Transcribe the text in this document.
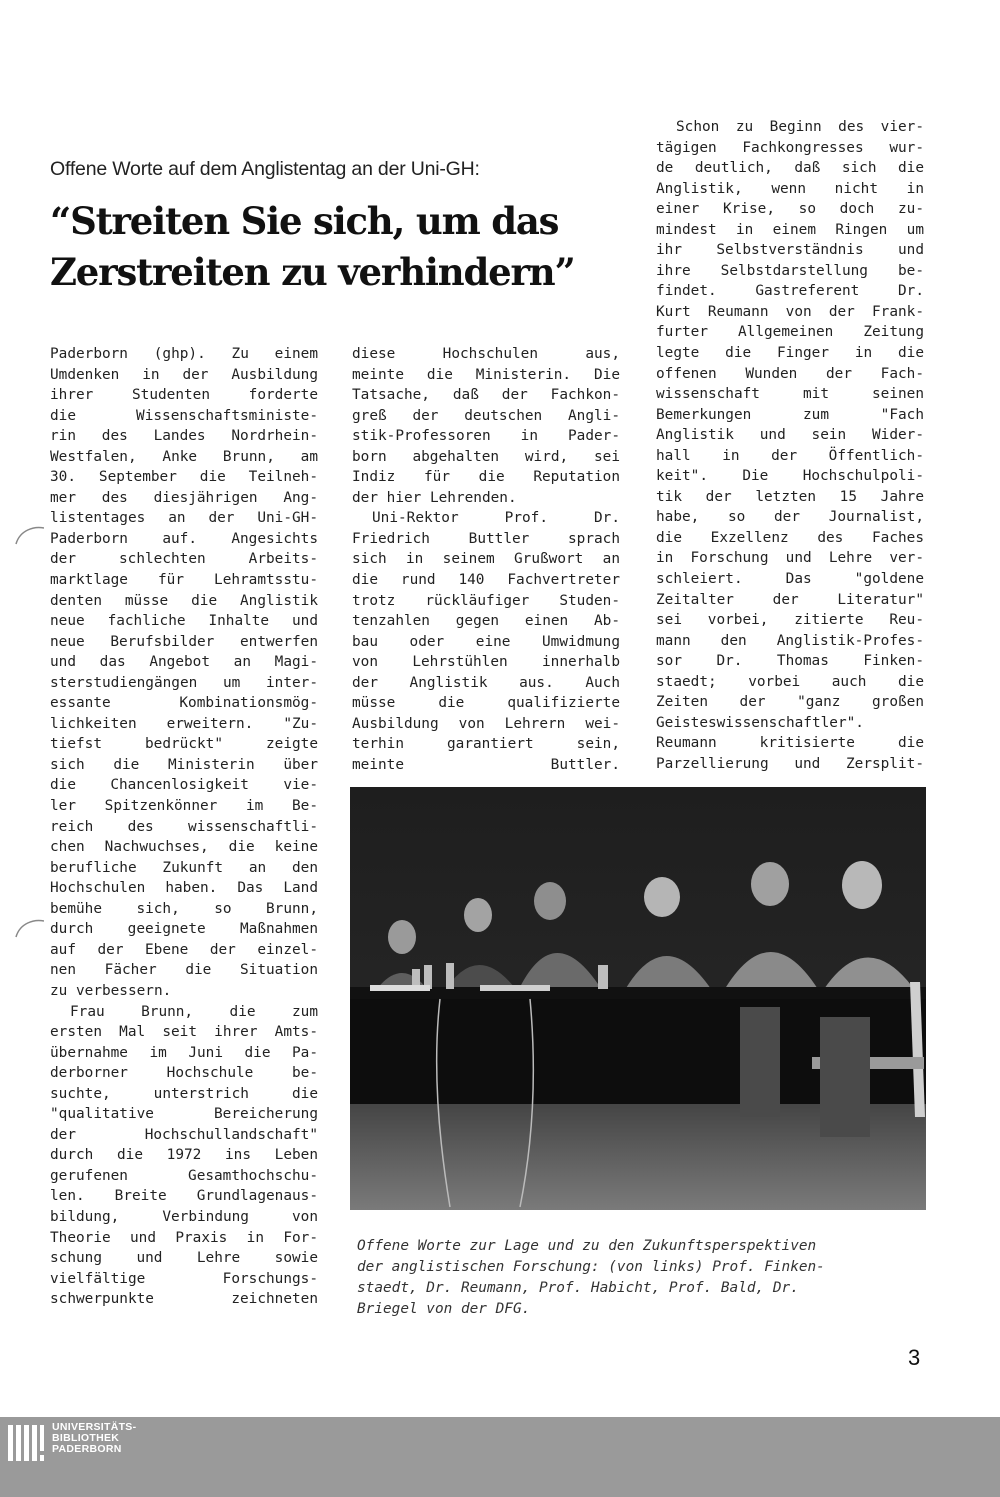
Offene Worte auf dem Anglistentag an der Uni-GH:
“Streiten Sie sich, um das
Zerstreiten zu verhindern”
Paderborn (ghp). Zu einem
Umdenken in der Ausbildung
ihrer Studenten forderte
die Wissenschaftsministe-
rin des Landes Nordrhein-
Westfalen, Anke Brunn, am
30. September die Teilneh-
mer des diesjährigen Ang-
listentages an der Uni-GH-
Paderborn auf. Angesichts
der schlechten Arbeits-
marktlage für Lehramtsstu-
denten müsse die Anglistik
neue fachliche Inhalte und
neue Berufsbilder entwerfen
und das Angebot an Magi-
sterstudiengängen um inter-
essante Kombinationsmög-
lichkeiten erweitern. "Zu-
tiefst bedrückt" zeigte
sich die Ministerin über
die Chancenlosigkeit vie-
ler Spitzenkönner im Be-
reich des wissenschaftli-
chen Nachwuchses, die keine
berufliche Zukunft an den
Hochschulen haben. Das Land
bemühe sich, so Brunn,
durch geeignete Maßnahmen
auf der Ebene der einzel-
nen Fächer die Situation
zu verbessern.
Frau Brunn, die zum
ersten Mal seit ihrer Amts-
übernahme im Juni die Pa-
derborner Hochschule be-
suchte, unterstrich die
"qualitative Bereicherung
der Hochschullandschaft"
durch die 1972 ins Leben
gerufenen Gesamthochschu-
len. Breite Grundlagenaus-
bildung, Verbindung von
Theorie und Praxis in For-
schung und Lehre sowie
vielfältige Forschungs-
schwerpunkte zeichneten
diese Hochschulen aus,
meinte die Ministerin. Die
Tatsache, daß der Fachkon-
greß der deutschen Angli-
stik-Professoren in Pader-
born abgehalten wird, sei
Indiz für die Reputation
der hier Lehrenden.
Uni-Rektor Prof. Dr.
Friedrich Buttler sprach
sich in seinem Grußwort an
die rund 140 Fachvertreter
trotz rückläufiger Studen-
tenzahlen gegen einen Ab-
bau oder eine Umwidmung
von Lehrstühlen innerhalb
der Anglistik aus. Auch
müsse die qualifizierte
Ausbildung von Lehrern wei-
terhin garantiert sein,
meinte Buttler.
Schon zu Beginn des vier-
tägigen Fachkongresses wur-
de deutlich, daß sich die
Anglistik, wenn nicht in
einer Krise, so doch zu-
mindest in einem Ringen um
ihr Selbstverständnis und
ihre Selbstdarstellung be-
findet. Gastreferent Dr.
Kurt Reumann von der Frank-
furter Allgemeinen Zeitung
legte die Finger in die
offenen Wunden der Fach-
wissenschaft mit seinen
Bemerkungen zum "Fach
Anglistik und sein Wider-
hall in der Öffentlich-
keit". Die Hochschulpoli-
tik der letzten 15 Jahre
habe, so der Journalist,
die Exzellenz des Faches
in Forschung und Lehre ver-
schleiert. Das "goldene
Zeitalter der Literatur"
sei vorbei, zitierte Reu-
mann den Anglistik-Profes-
sor Dr. Thomas Finken-
staedt; vorbei auch die
Zeiten der "ganz großen
Geisteswissenschaftler".
Reumann kritisierte die
Parzellierung und Zersplit-
Offene Worte zur Lage und zu den Zukunftsperspektiven
der anglistischen Forschung: (von links) Prof. Finken-
staedt, Dr. Reumann, Prof. Habicht, Prof. Bald, Dr.
Briegel von der DFG.
3
UNIVERSITÄTS-
BIBLIOTHEK
PADERBORN
